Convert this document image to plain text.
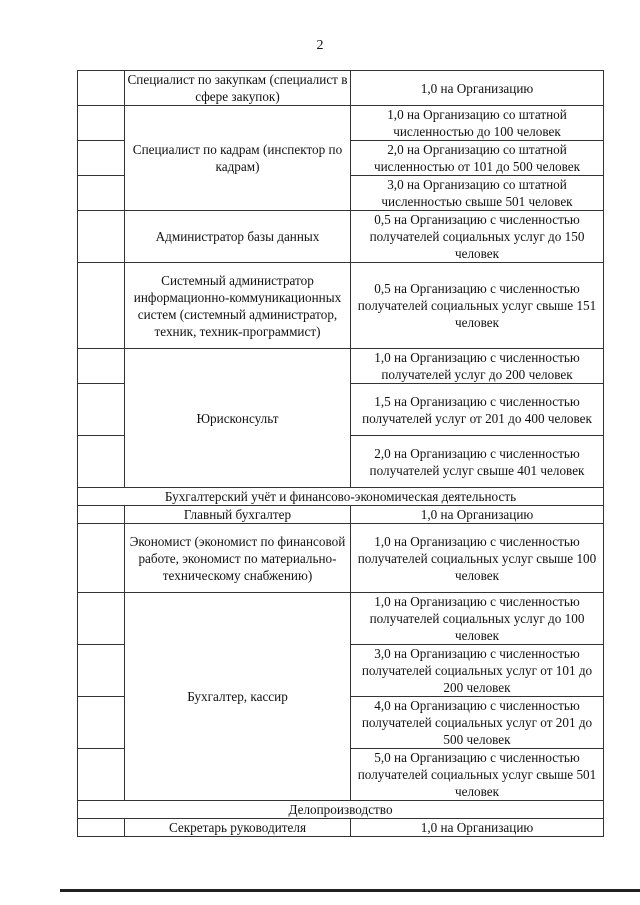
2
	Специалист по закупкам (специалист в сфере закупок)	1,0 на Организацию
	Специалист по кадрам (инспектор по кадрам)	1,0 на Организацию со штатной численностью до 100 человек
		2,0 на Организацию со штатной численностью от 101 до 500 человек
		3,0 на Организацию со штатной численностью свыше 501 человек
	Администратор базы данных	0,5 на Организацию с численностью получателей социальных услуг до 150 человек
	Системный администратор информационно-коммуникационных систем (системный администратор, техник, техник-программист)	0,5 на Организацию с численностью получателей социальных услуг свыше 151 человек
	Юрисконсульт	1,0 на Организацию с численностью получателей услуг до 200 человек
		1,5 на Организацию с численностью получателей услуг от 201 до 400 человек
		2,0 на Организацию с численностью получателей услуг свыше 401 человек
Бухгалтерский учёт и финансово-экономическая деятельность		
	Главный бухгалтер	1,0 на Организацию
	Экономист (экономист по финансовой работе, экономист по материально-техническому снабжению)	1,0 на Организацию с численностью получателей социальных услуг свыше 100 человек
	Бухгалтер, кассир	1,0 на Организацию с численностью получателей социальных услуг до 100 человек
		3,0 на Организацию с численностью получателей социальных услуг от 101 до 200 человек
		4,0 на Организацию с численностью получателей социальных услуг от 201 до 500 человек
		5,0 на Организацию с численностью получателей социальных услуг свыше 501 человек
Делопроизводство		
	Секретарь руководителя	1,0 на Организацию
